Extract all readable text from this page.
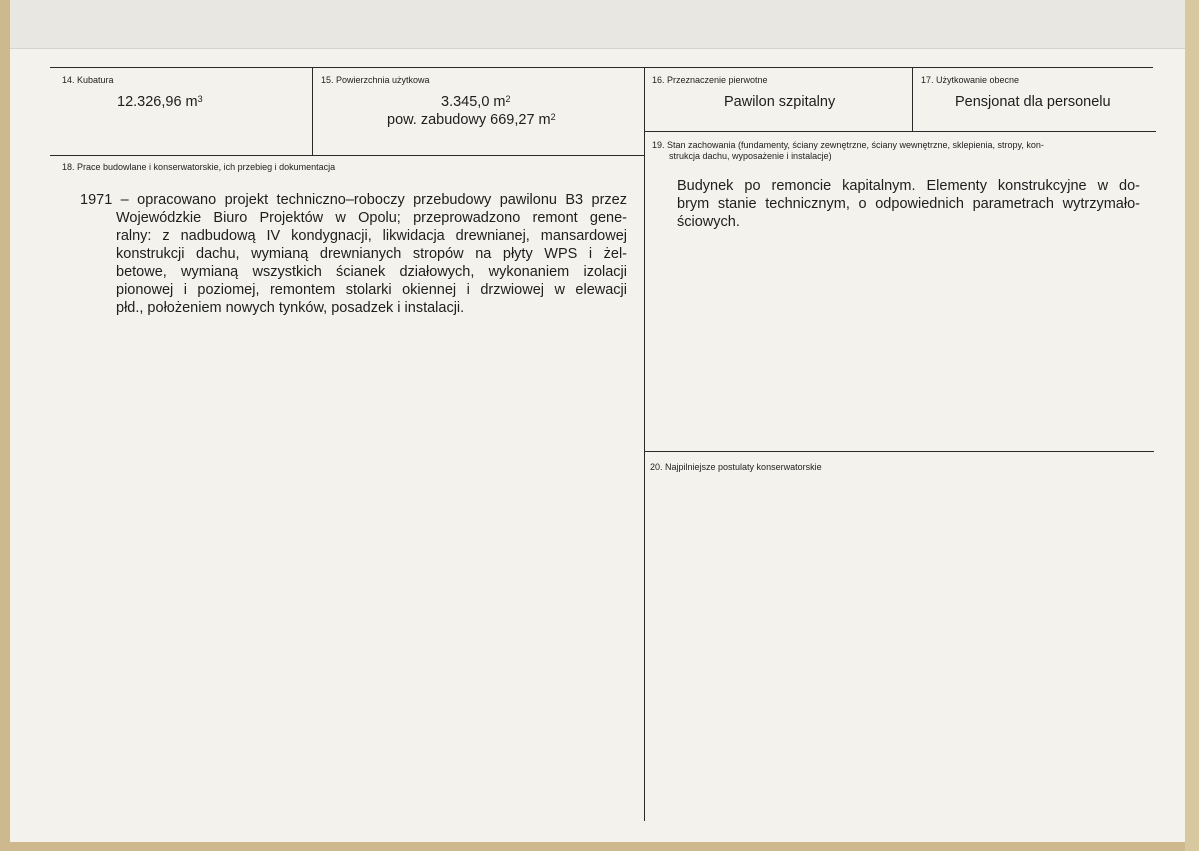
14. Kubatura
12.326,96 $m^3$
15. Powierzchnia użytkowa
3.345,0 $m^2$
pow. zabudowy 669,27 $m^2$
16. Przeznaczenie pierwotne
Pawilon szpitalny
17. Użytkowanie obecne
Pensjonat dla personelu
18. Prace budowlane i konserwatorskie, ich przebieg i dokumentacja
1971 – opracowano projekt techniczno–roboczy przebudowy pawilonu B3 przez
Wojewódzkie Biuro Projektów w Opolu; przeprowadzono remont gene-
ralny: z nadbudową IV kondygnacji, likwidacja drewnianej, mansardowej
konstrukcji dachu, wymianą drewnianych stropów na płyty WPS i żel-
betowe, wymianą wszystkich ścianek działowych, wykonaniem izolacji
pionowej i poziomej, remontem stolarki okiennej i drzwiowej w elewacji
płd., położeniem nowych tynków, posadzek i instalacji.
19. Stan zachowania (fundamenty, ściany zewnętrzne, ściany wewnętrzne, sklepienia, stropy, kon-
strukcja dachu, wyposażenie i instalacje)
Budynek po remoncie kapitalnym. Elementy konstrukcyjne w do-
brym stanie technicznym, o odpowiednich parametrach wytrzymało-
ściowych.
20. Najpilniejsze postulaty konserwatorskie
